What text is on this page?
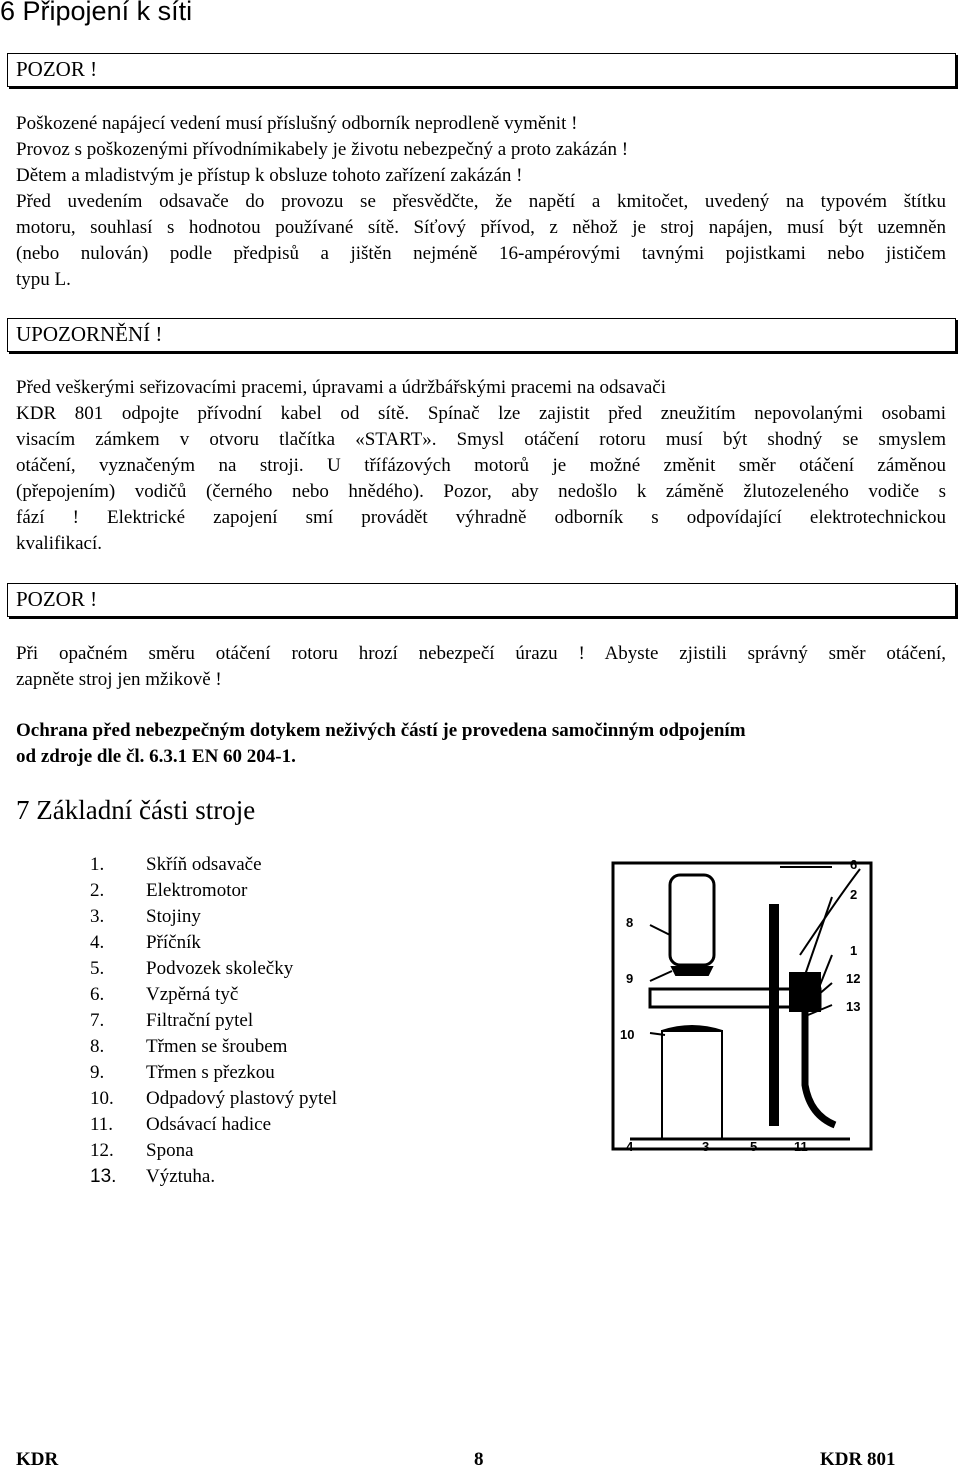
6 Připojení k síti
POZOR !
Poškozené napájecí vedení musí příslušný odborník neprodleně vyměnit !
Provoz s poškozenými přívodnímikabely je životu nebezpečný a proto zakázán !
Dětem a mladistvým je přístup k obsluze tohoto zařízení zakázán !
Před uvedením odsavače do provozu se přesvědčte, že napětí a kmitočet, uvedený na typovém štítku
motoru, souhlasí s hodnotou používané sítě. Síťový přívod, z něhož je stroj napájen, musí být uzemněn
(nebo nulován) podle předpisů a jištěn nejméně 16-ampérovými tavnými pojistkami nebo jističem
typu L.
UPOZORNĚNÍ !
Před veškerými seřizovacími pracemi, úpravami a údržbářskými pracemi na odsavači
KDR 801 odpojte přívodní kabel od sítě. Spínač lze zajistit před zneužitím nepovolanými osobami
visacím zámkem v otvoru tlačítka «START». Smysl otáčení rotoru musí být shodný se smyslem
otáčení, vyznačeným na stroji. U třífázových motorů je možné změnit směr otáčení záměnou
(přepojením) vodičů (černého nebo hnědého). Pozor, aby nedošlo k záměně žlutozeleného vodiče s
fází ! Elektrické zapojení smí provádět výhradně odborník s odpovídající elektrotechnickou
kvalifikací.
POZOR !
Při opačném směru otáčení rotoru hrozí nebezpečí úrazu ! Abyste zjistili správný směr otáčení,
zapněte stroj jen mžikově !
Ochrana před nebezpečným dotykem neživých částí je provedena samočinným odpojením
od zdroje dle čl. 6.3.1 EN 60 204-1.
7 Základní části stroje
1. Skříň odsavače
2. Elektromotor
3. Stojiny
4. Příčník
5. Podvozek skolečky
6. Vzpěrná tyč
7. Filtrační pytel
8. Třmen se šroubem
9. Třmen s přezkou
10. Odpadový plastový pytel
11. Odsávací hadice
12. Spona
13. Výztuha.
6
2
1
12
13
8
9
10
4	3	5	11
KDR	8	KDR 801
